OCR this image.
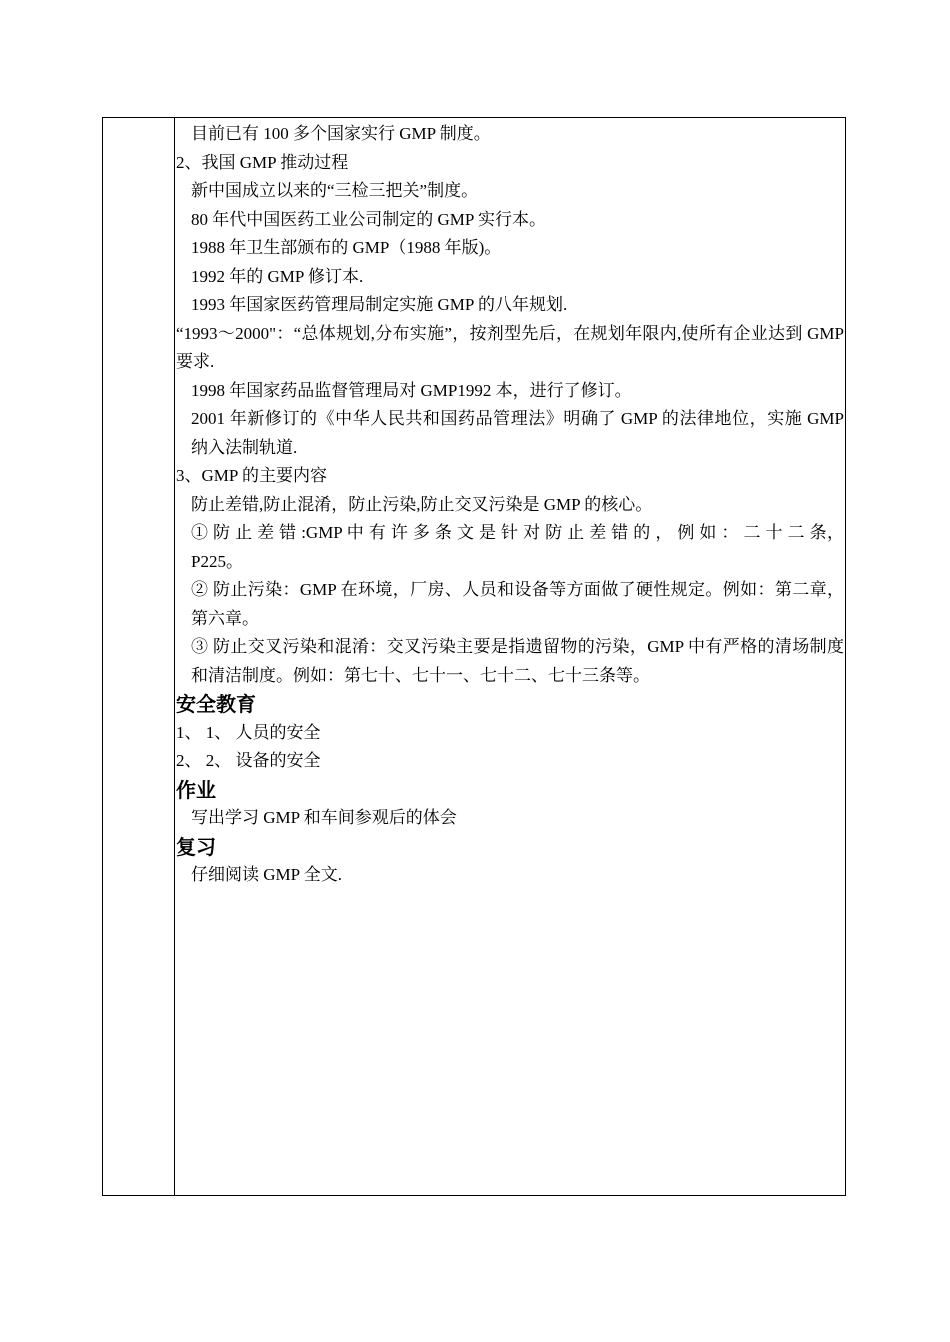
目前已有 100 多个国家实行 GMP 制度。

2、我国 GMP 推动过程

新中国成立以来的“三检三把关”制度。

80 年代中国医药工业公司制定的 GMP 实行本。

1988 年卫生部颁布的 GMP（1988 年版)。

1992 年的 GMP 修订本.

1993 年国家医药管理局制定实施 GMP 的八年规划.

“1993～2000"：“总体规划,分布实施”，按剂型先后，在规划年限内,使所有企业达到 GMP 要求.

1998 年国家药品监督管理局对 GMP1992 本，进行了修订。

2001 年新修订的《中华人民共和国药品管理法》明确了 GMP 的法律地位，实施 GMP 纳入法制轨道.

3、GMP 的主要内容

防止差错,防止混淆，防止污染,防止交叉污染是 GMP 的核心。

① 防 止 差 错 :GMP 中 有 许 多 条 文 是 针 对 防 止 差 错 的 ， 例 如 ： 二 十 二 条，P225。

② 防止污染：GMP 在环境，厂房、人员和设备等方面做了硬性规定。例如：第二章，第六章。

③ 防止交叉污染和混淆：交叉污染主要是指遗留物的污染，GMP 中有严格的清场制度和清洁制度。例如：第七十、七十一、七十二、七十三条等。

安全教育

1、 1、 人员的安全

2、 2、 设备的安全

作业

写出学习 GMP 和车间参观后的体会

复习

仔细阅读 GMP 全文.
